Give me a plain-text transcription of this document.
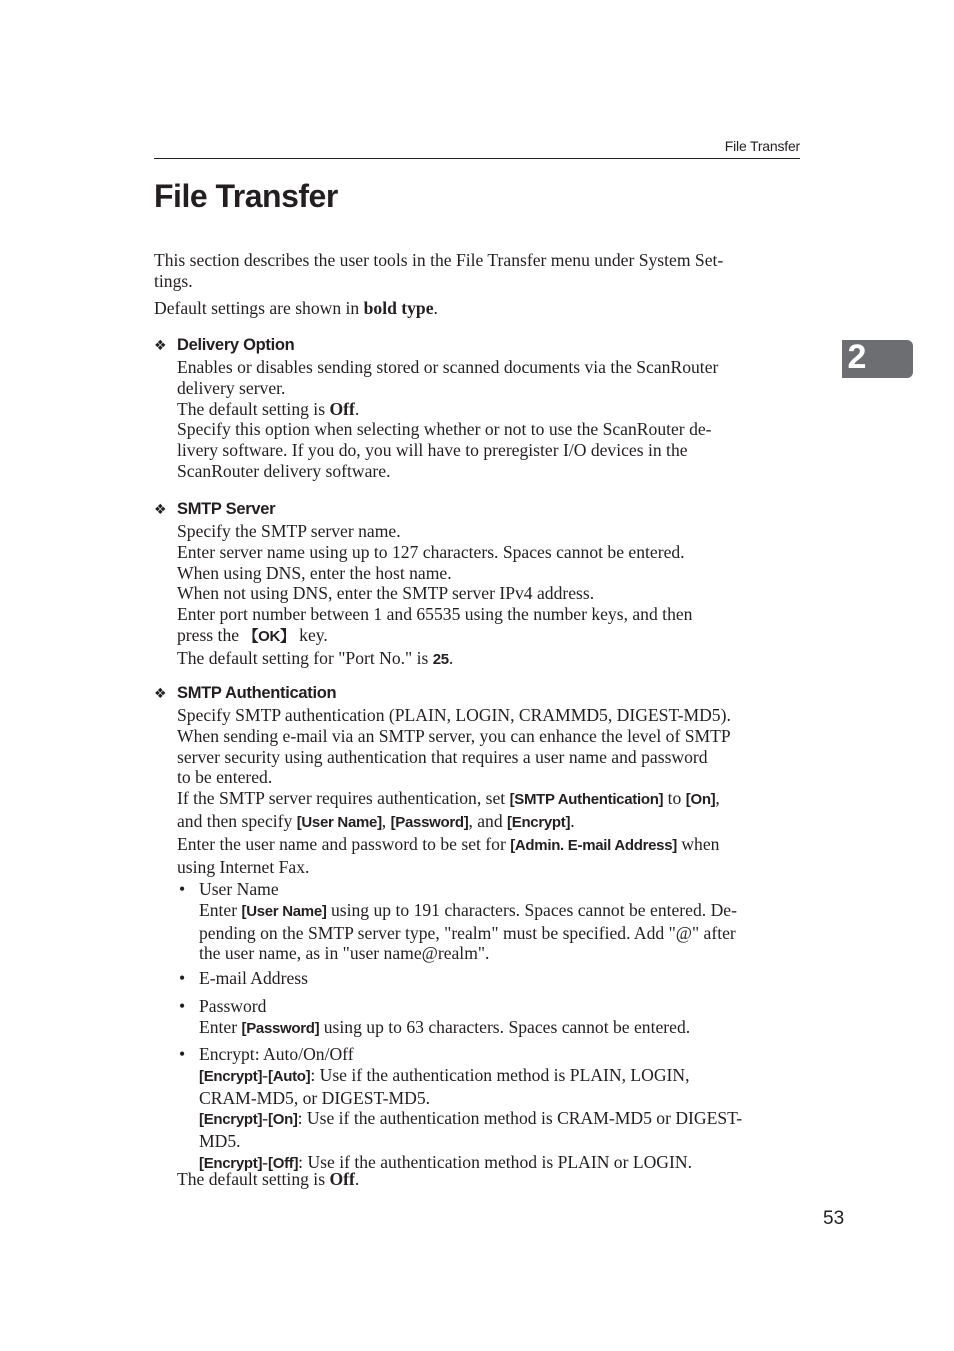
File Transfer
2
File Transfer
This section describes the user tools in the File Transfer menu under System Set-
tings.
Default settings are shown in bold type.
❖ Delivery Option
Enables or disables sending stored or scanned documents via the ScanRouter
delivery server.
The default setting is Off.
Specify this option when selecting whether or not to use the ScanRouter de-
livery software. If you do, you will have to preregister I/O devices in the
ScanRouter delivery software.
❖ SMTP Server
Specify the SMTP server name.
Enter server name using up to 127 characters. Spaces cannot be entered.
When using DNS, enter the host name.
When not using DNS, enter the SMTP server IPv4 address.
Enter port number between 1 and 65535 using the number keys, and then
press the 【OK】 key.
The default setting for "Port No." is 25.
❖ SMTP Authentication
Specify SMTP authentication (PLAIN, LOGIN, CRAMMD5, DIGEST-MD5).
When sending e-mail via an SMTP server, you can enhance the level of SMTP
server security using authentication that requires a user name and password
to be entered.
If the SMTP server requires authentication, set [SMTP Authentication] to [On],
and then specify [User Name], [Password], and [Encrypt].
Enter the user name and password to be set for [Admin. E-mail Address] when
using Internet Fax.
• User Name
Enter [User Name] using up to 191 characters. Spaces cannot be entered. De-
pending on the SMTP server type, "realm" must be specified. Add "@" after
the user name, as in "user name@realm".
• E-mail Address
• Password
Enter [Password] using up to 63 characters. Spaces cannot be entered.
• Encrypt: Auto/On/Off
[Encrypt]-[Auto]: Use if the authentication method is PLAIN, LOGIN,
CRAM-MD5, or DIGEST-MD5.
[Encrypt]-[On]: Use if the authentication method is CRAM-MD5 or DIGEST-
MD5.
[Encrypt]-[Off]: Use if the authentication method is PLAIN or LOGIN.
The default setting is Off.
53
